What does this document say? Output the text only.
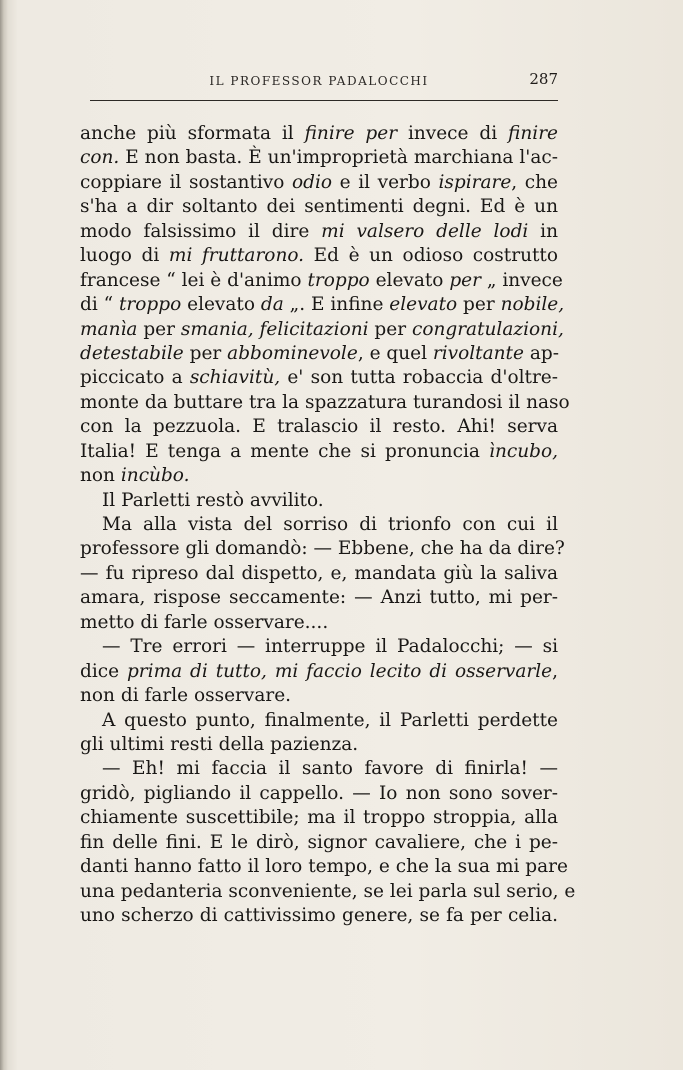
IL PROFESSOR PADALOCCHI	287
anche più sformata il finire per invece di finire
con. E non basta. È un'improprietà marchiana l'ac-
coppiare il sostantivo odio e il verbo ispirare, che
s'ha a dir soltanto dei sentimenti degni. Ed è un
modo falsissimo il dire mi valsero delle lodi in
luogo di mi fruttarono. Ed è un odioso costrutto
francese “ lei è d'animo troppo elevato per „ invece
di “ troppo elevato da „. E infine elevato per nobile,
manìa per smania, felicitazioni per congratulazioni,
detestabile per abbominevole, e quel rivoltante ap-
piccicato a schiavitù, e' son tutta robaccia d'oltre-
monte da buttare tra la spazzatura turandosi il naso
con la pezzuola. E tralascio il resto. Ahi! serva
Italia! E tenga a mente che si pronuncia ìncubo,
non incùbo.
Il Parletti restò avvilito.
Ma alla vista del sorriso di trionfo con cui il
professore gli domandò: — Ebbene, che ha da dire?
— fu ripreso dal dispetto, e, mandata giù la saliva
amara, rispose seccamente: — Anzi tutto, mi per-
metto di farle osservare....
— Tre errori — interruppe il Padalocchi; — si
dice prima di tutto, mi faccio lecito di osservarle,
non di farle osservare.
A questo punto, finalmente, il Parletti perdette
gli ultimi resti della pazienza.
— Eh! mi faccia il santo favore di finirla! —
gridò, pigliando il cappello. — Io non sono sover-
chiamente suscettibile; ma il troppo stroppia, alla
fin delle fini. E le dirò, signor cavaliere, che i pe-
danti hanno fatto il loro tempo, e che la sua mi pare
una pedanteria sconveniente, se lei parla sul serio, e
uno scherzo di cattivissimo genere, se fa per celia.
